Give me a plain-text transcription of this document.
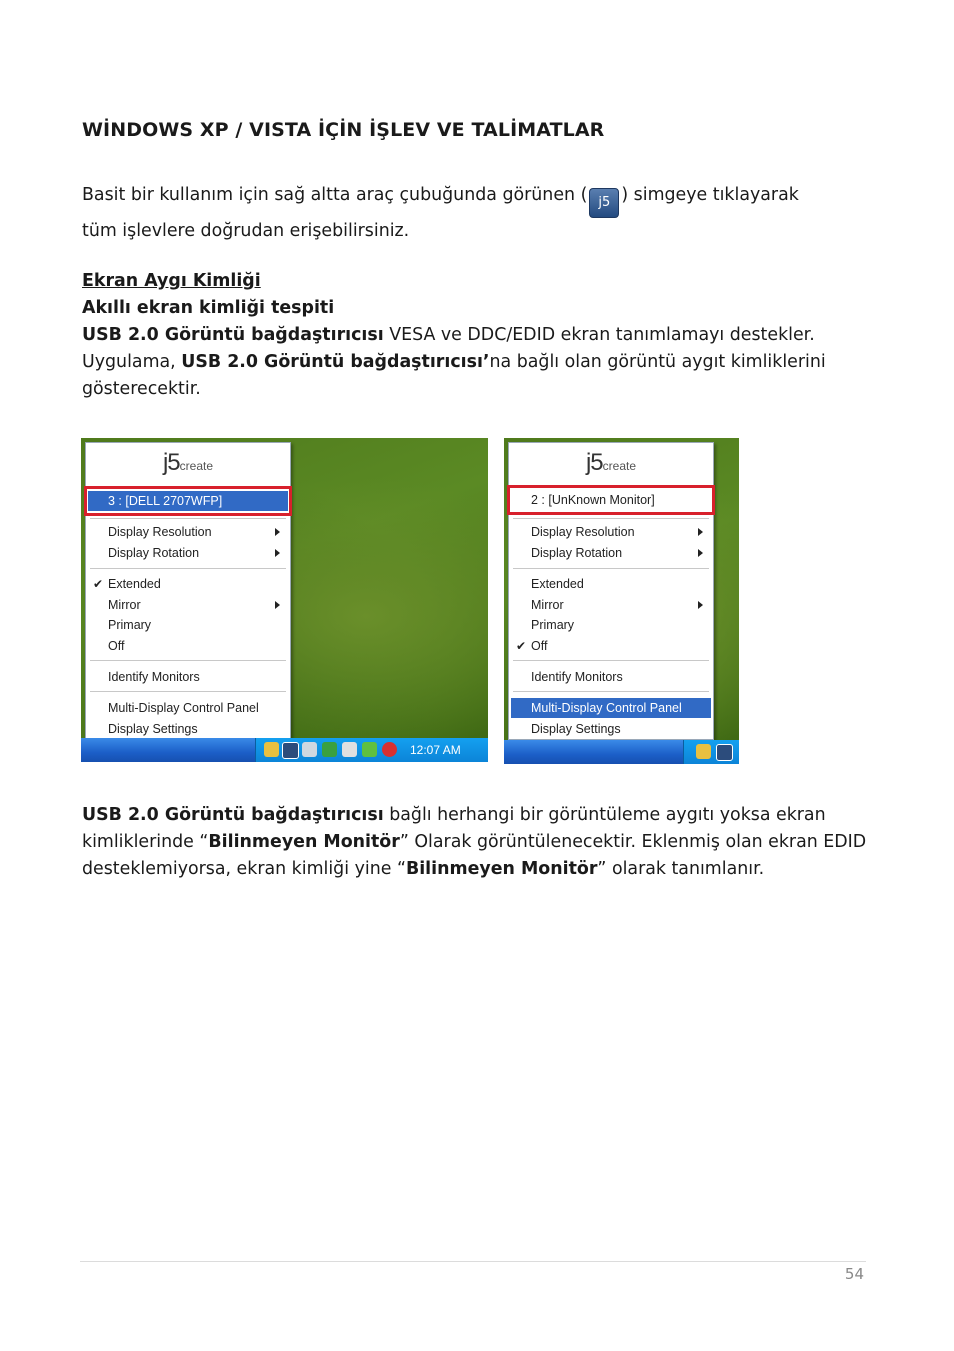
WİNDOWS XP / VISTA İÇİN İŞLEV VE TALİMATLAR
Basit bir kullanım için sağ altta araç çubuğunda görünen ( j5 ) simgeye tıklayarak
tüm işlevlere doğrudan erişebilirsiniz.
Ekran Aygı Kimliği
Akıllı ekran kimliği tespiti
USB 2.0 Görüntü bağdaştırıcısı VESA ve DDC/EDID ekran tanımlamayı destekler.
Uygulama, USB 2.0 Görüntü bağdaştırıcısı’na bağlı olan görüntü aygıt kimliklerini
gösterecektir.
j5create
3 : [DELL 2707WFP]
Display Resolution
Display Rotation
✔ Extended
Mirror
Primary
Off
Identify Monitors
Multi-Display Control Panel
Display Settings
12:07 AM
j5create
2 : [UnKnown Monitor]
Display Resolution
Display Rotation
Extended
Mirror
Primary
✔ Off
Identify Monitors
Multi-Display Control Panel
Display Settings
USB 2.0 Görüntü bağdaştırıcısı bağlı herhangi bir görüntüleme aygıtı yoksa ekran
kimliklerinde “Bilinmeyen Monitör” Olarak görüntülenecektir. Eklenmiş olan ekran EDID
desteklemiyorsa, ekran kimliği yine “Bilinmeyen Monitör” olarak tanımlanır.
54
